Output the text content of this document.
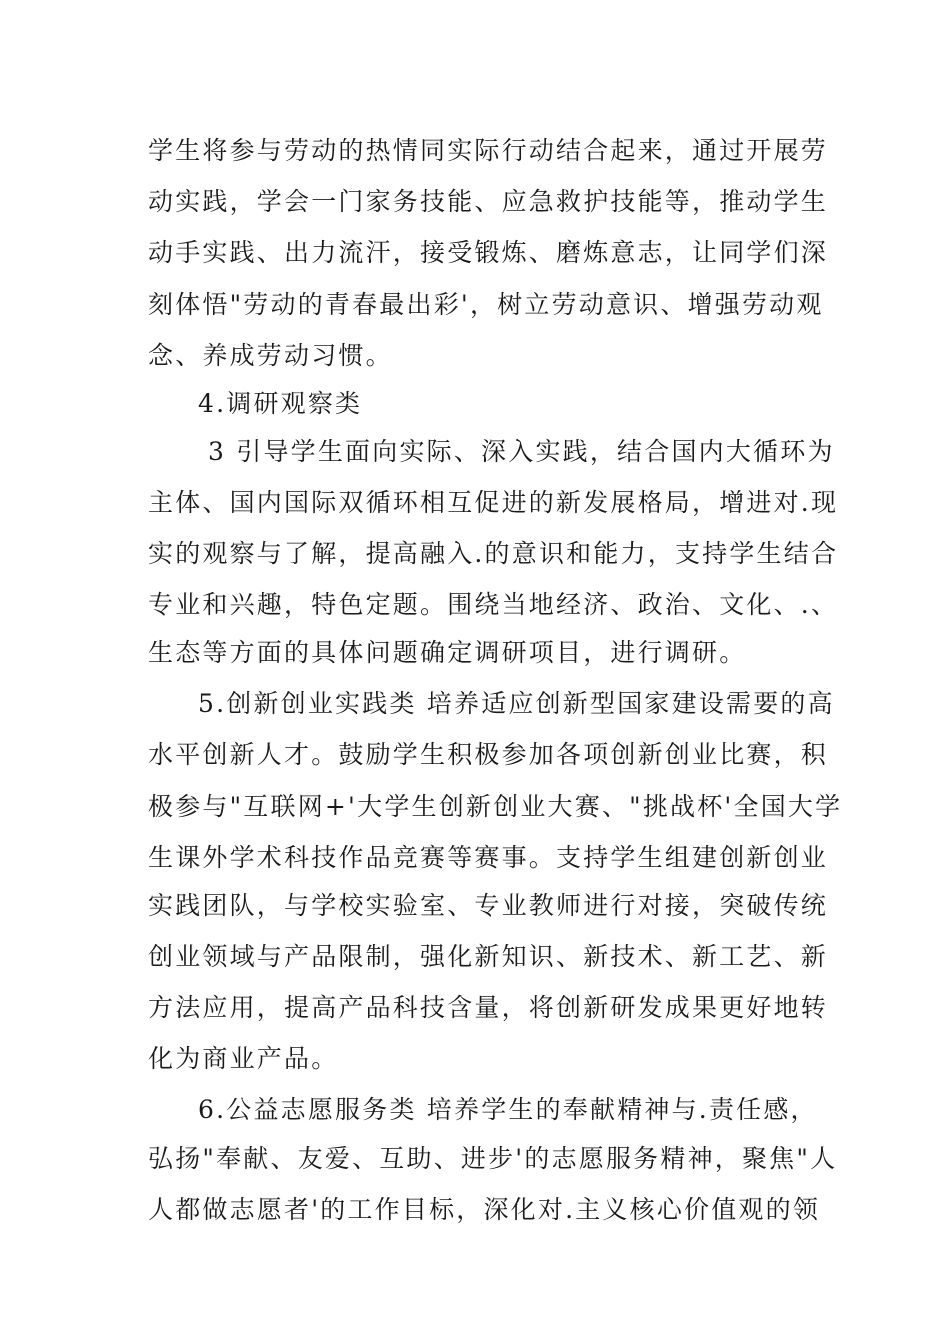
学生将参与劳动的热情同实际行动结合起来，通过开展劳
动实践，学会一门家务技能、应急救护技能等，推动学生
动手实践、出力流汗，接受锻炼、磨炼意志，让同学们深
刻体悟"劳动的青春最出彩'，树立劳动意识、增强劳动观
念、养成劳动习惯。
4.调研观察类
3 引导学生面向实际、深入实践，结合国内大循环为
主体、国内国际双循环相互促进的新发展格局，增进对.现
实的观察与了解，提高融入.的意识和能力，支持学生结合
专业和兴趣，特色定题。围绕当地经济、政治、文化、.、
生态等方面的具体问题确定调研项目，进行调研。
5.创新创业实践类 培养适应创新型国家建设需要的高
水平创新人才。鼓励学生积极参加各项创新创业比赛，积
极参与"互联网+'大学生创新创业大赛、"挑战杯'全国大学
生课外学术科技作品竞赛等赛事。支持学生组建创新创业
实践团队，与学校实验室、专业教师进行对接，突破传统
创业领域与产品限制，强化新知识、新技术、新工艺、新
方法应用，提高产品科技含量，将创新研发成果更好地转
化为商业产品。
6.公益志愿服务类 培养学生的奉献精神与.责任感，
弘扬"奉献、友爱、互助、进步'的志愿服务精神，聚焦"人
人都做志愿者'的工作目标，深化对.主义核心价值观的领
